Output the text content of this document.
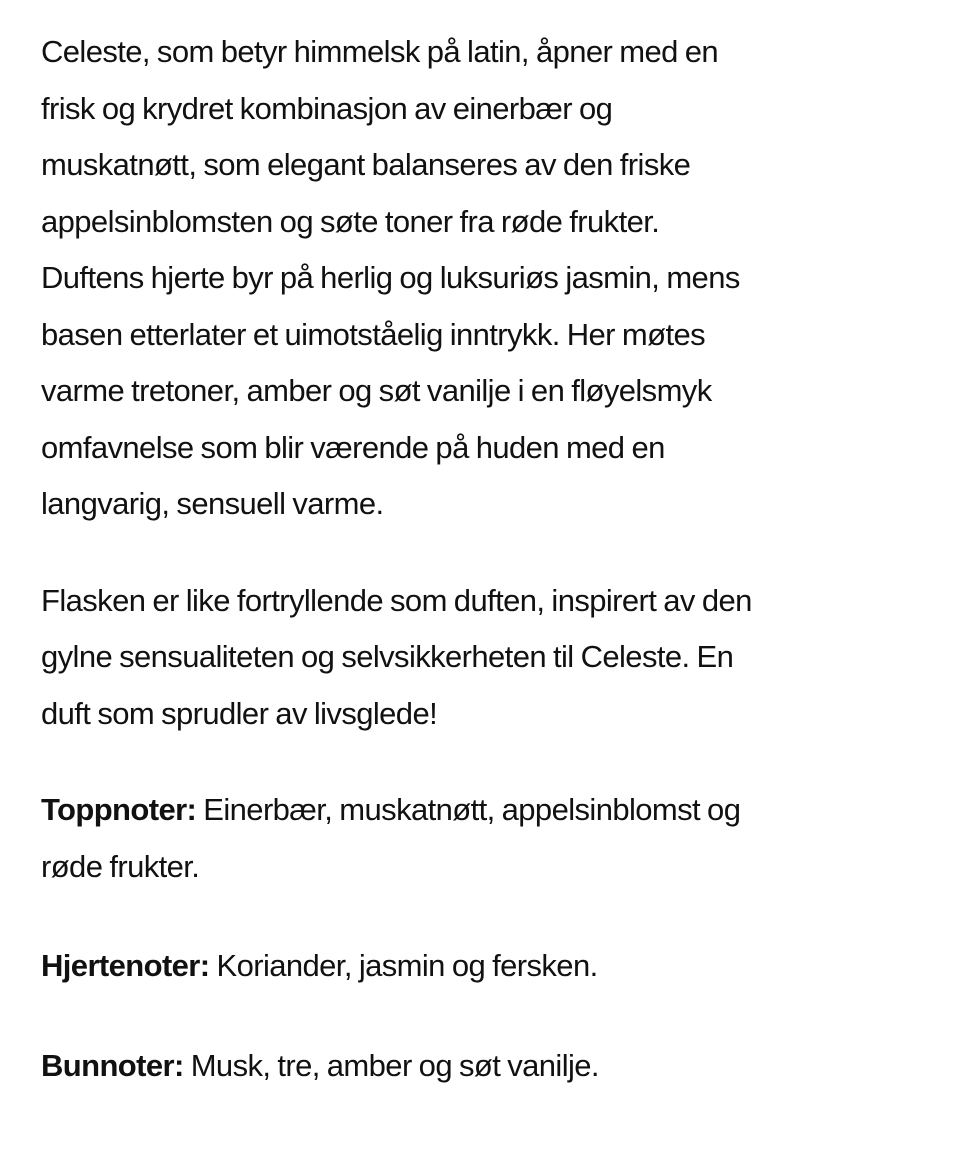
Celeste, som betyr himmelsk på latin, åpner med en
frisk og krydret kombinasjon av einerbær og
muskatnøtt, som elegant balanseres av den friske
appelsinblomsten og søte toner fra røde frukter.
Duftens hjerte byr på herlig og luksuriøs jasmin, mens
basen etterlater et uimotståelig inntrykk. Her møtes
varme tretoner, amber og søt vanilje i en fløyelsmyk
omfavnelse som blir værende på huden med en
langvarig, sensuell varme.

Flasken er like fortryllende som duften, inspirert av den
gylne sensualiteten og selvsikkerheten til Celeste. En
duft som sprudler av livsglede!

Toppnoter: Einerbær, muskatnøtt, appelsinblomst og
røde frukter.

Hjertenoter: Koriander, jasmin og fersken.

Bunnoter: Musk, tre, amber og søt vanilje.
